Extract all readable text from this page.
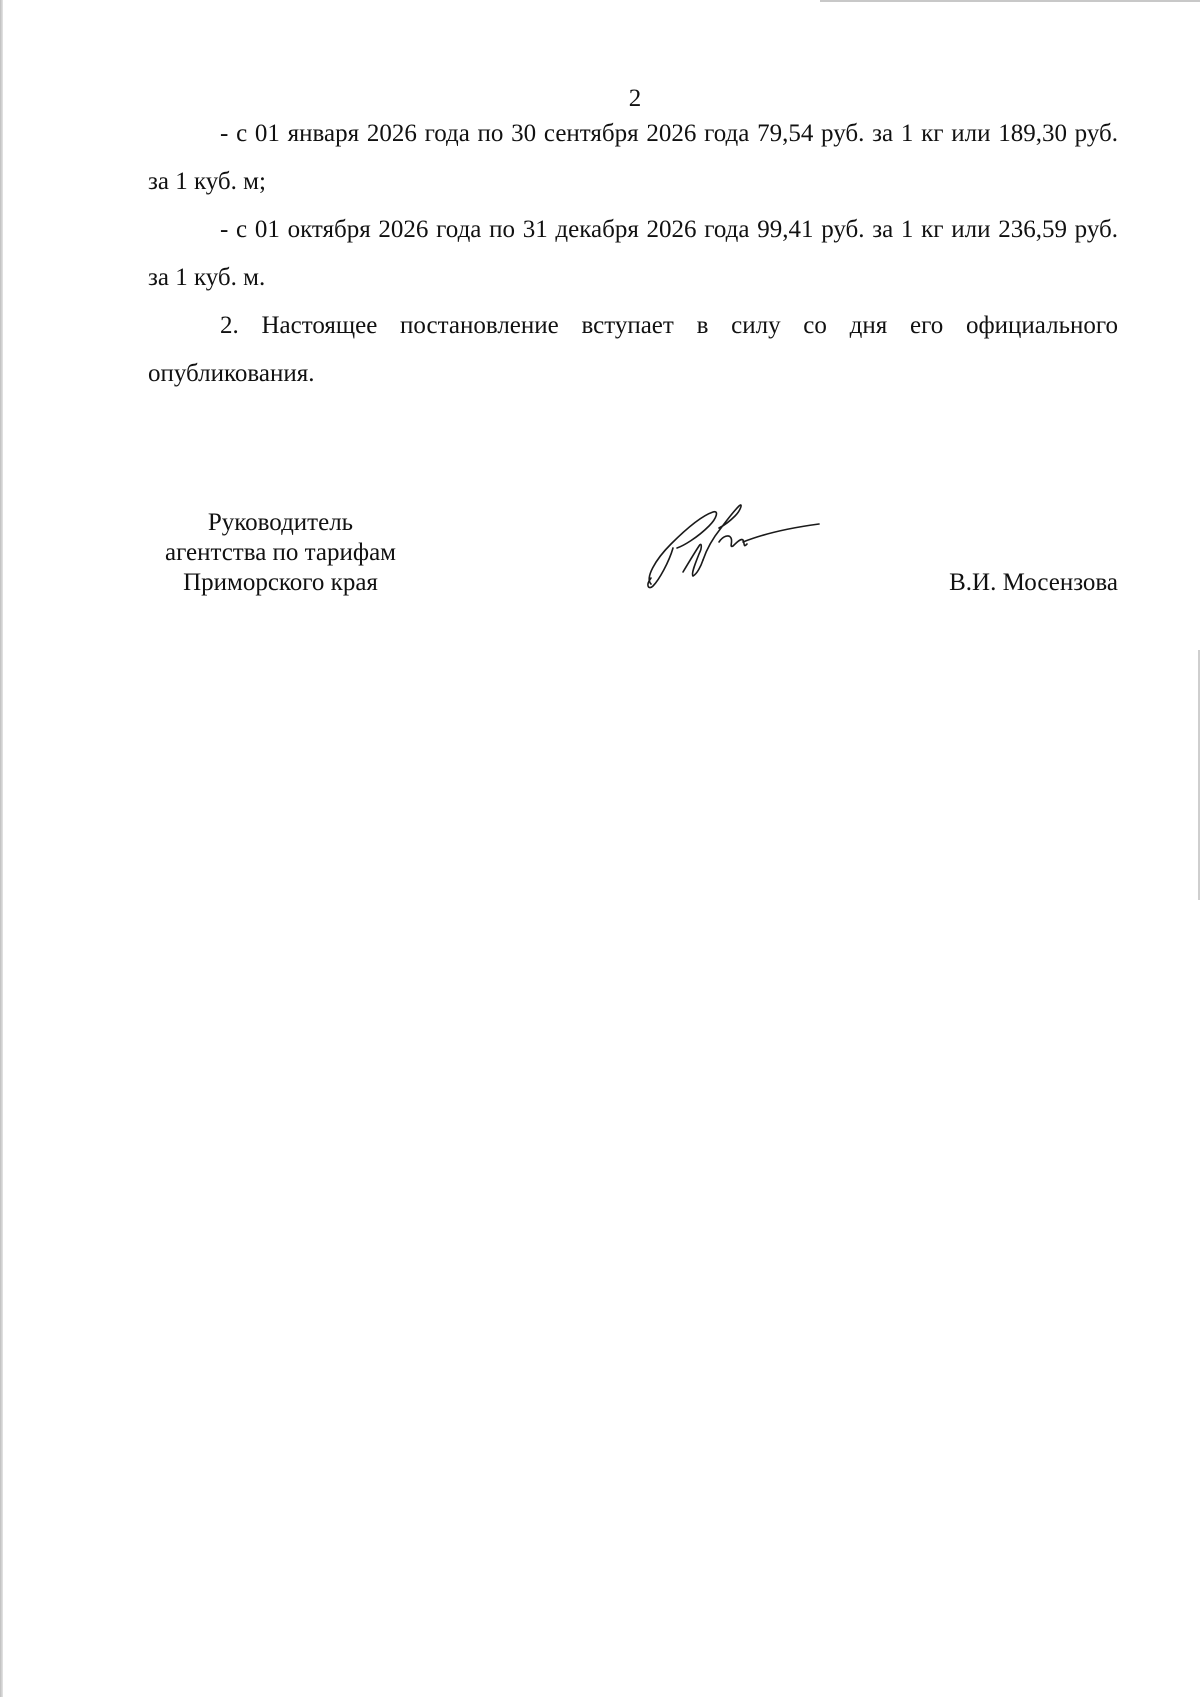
2

- с 01 января 2026 года по 30 сентября 2026 года 79,54 руб. за 1 кг или 189,30 руб. за 1 куб. м;

- с 01 октября 2026 года по 31 декабря 2026 года 99,41 руб. за 1 кг или 236,59 руб. за 1 куб. м.

2. Настоящее постановление вступает в силу со дня его официального опубликования.

Руководитель
агентства по тарифам
Приморского края	В.И. Мосензова
